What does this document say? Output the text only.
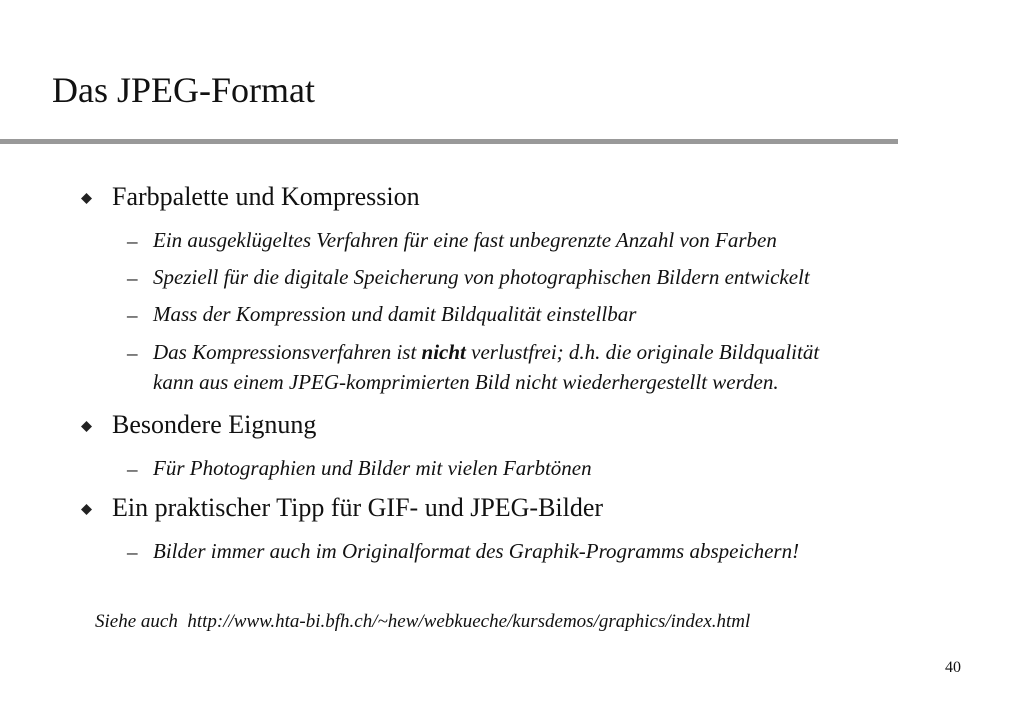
Das JPEG-Format
Farbpalette und Kompression
– Ein ausgeklügeltes Verfahren für eine fast unbegrenzte Anzahl von Farben
– Speziell für die digitale Speicherung von photographischen Bildern entwickelt
– Mass der Kompression und damit Bildqualität einstellbar
– Das Kompressionsverfahren ist nicht verlustfrei; d.h. die originale Bildqualität
kann aus einem JPEG-komprimierten Bild nicht wiederhergestellt werden.
Besondere Eignung
– Für Photographien und Bilder mit vielen Farbtönen
Ein praktischer Tipp für GIF- und JPEG-Bilder
– Bilder immer auch im Originalformat des Graphik-Programms abspeichern!
Siehe auch http://www.hta-bi.bfh.ch/~hew/webkueche/kursdemos/graphics/index.html
40
